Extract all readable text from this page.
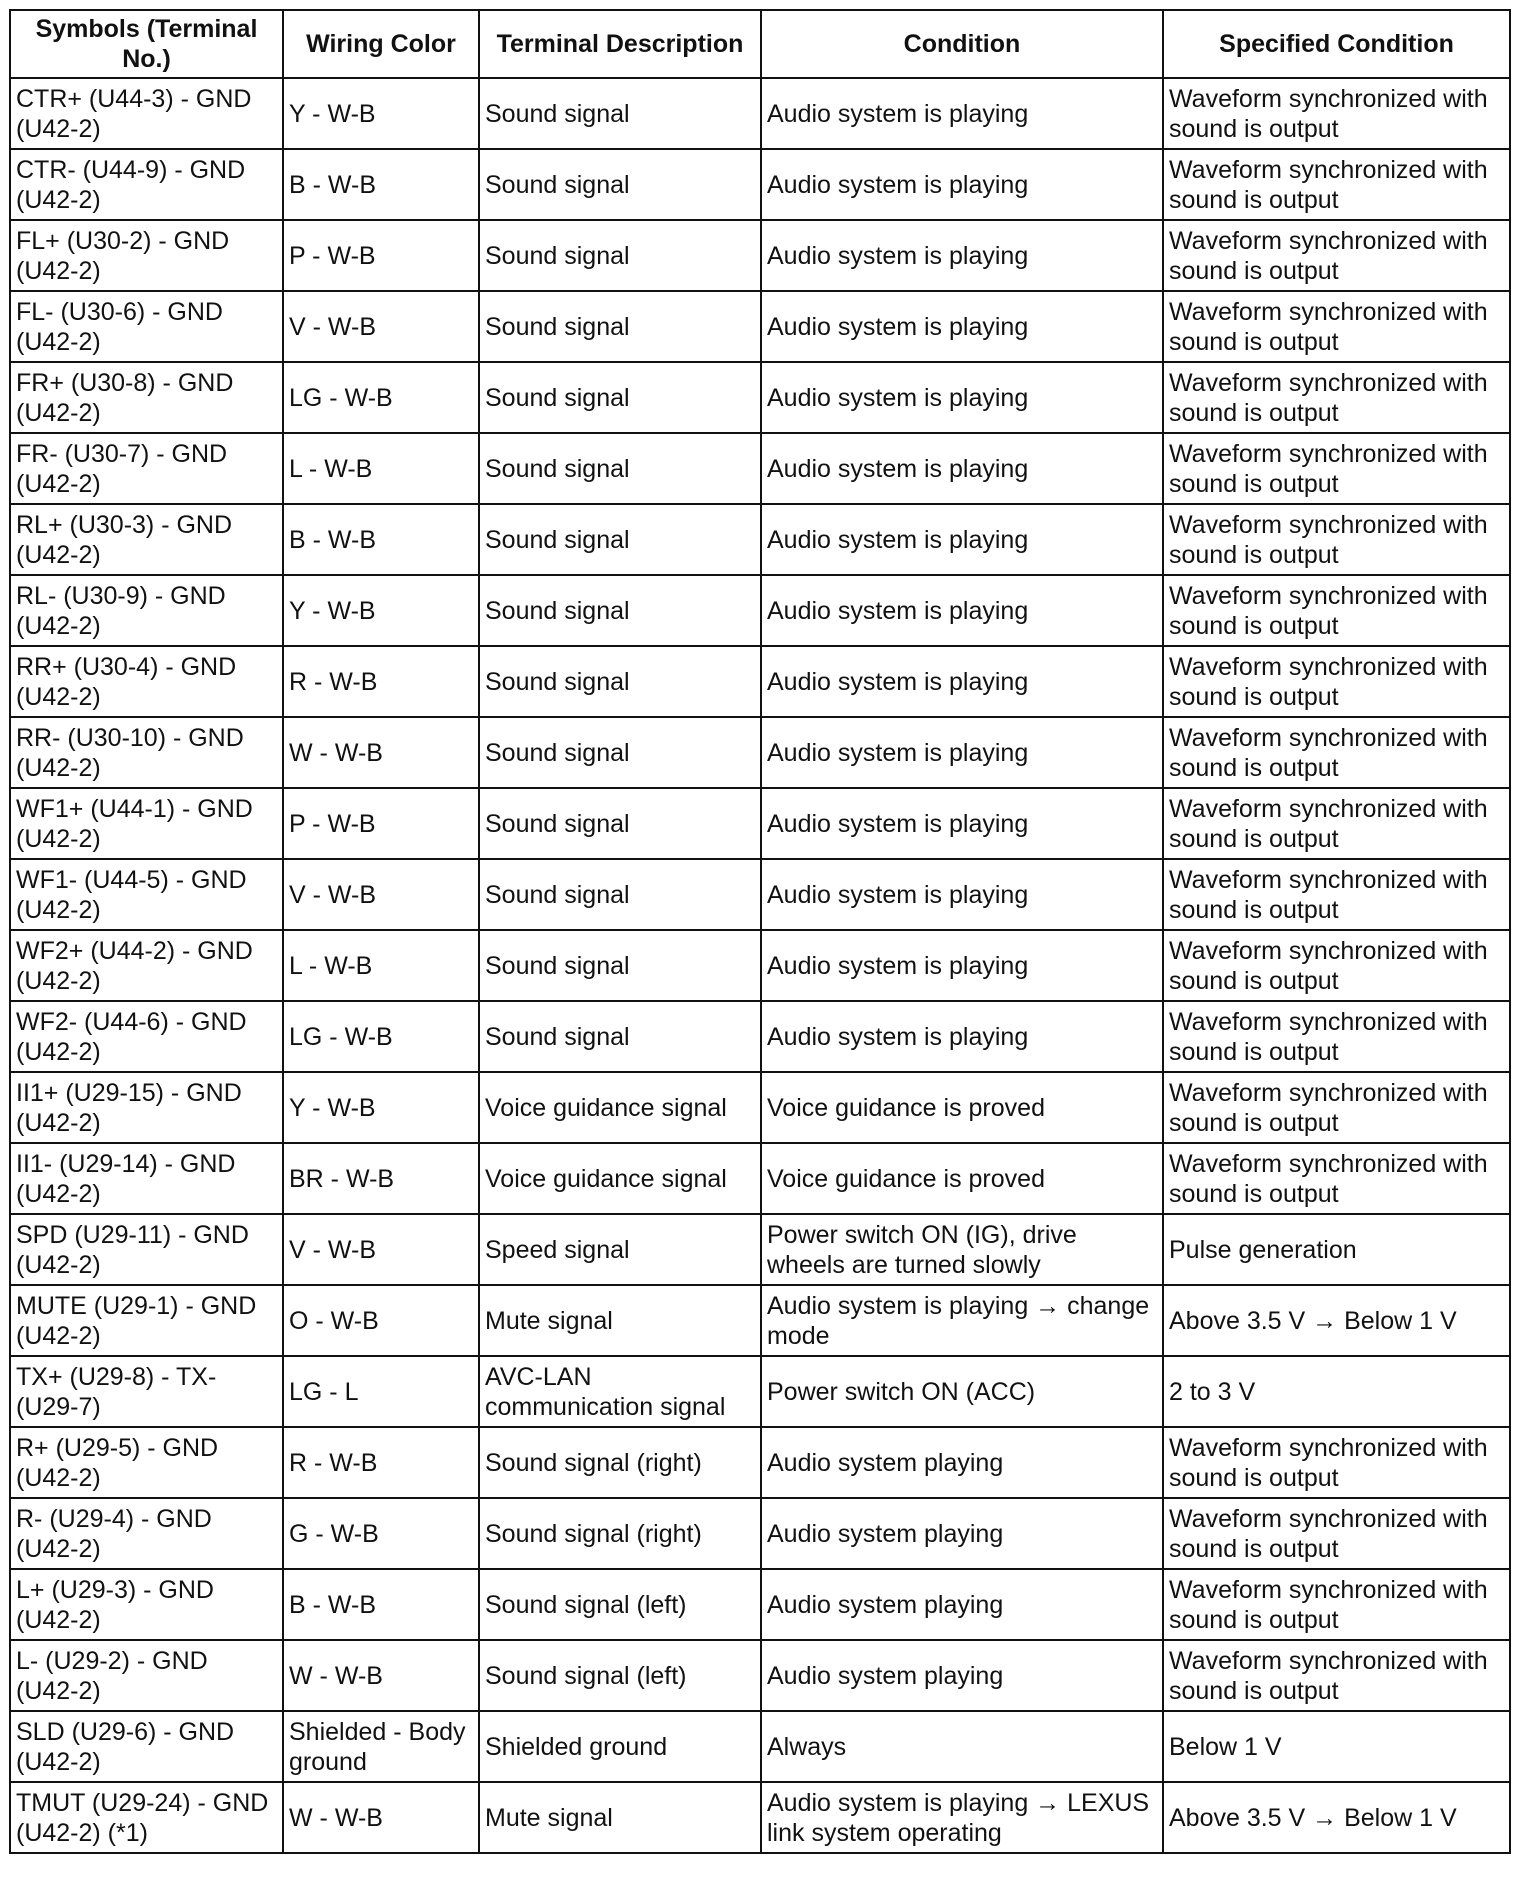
Symbols (Terminal No.)	Wiring Color	Terminal Description	Condition	Specified Condition
CTR+ (U44-3) - GND (U42-2)	Y - W-B	Sound signal	Audio system is playing	Waveform synchronized with sound is output
CTR- (U44-9) - GND (U42-2)	B - W-B	Sound signal	Audio system is playing	Waveform synchronized with sound is output
FL+ (U30-2) - GND (U42-2)	P - W-B	Sound signal	Audio system is playing	Waveform synchronized with sound is output
FL- (U30-6) - GND (U42-2)	V - W-B	Sound signal	Audio system is playing	Waveform synchronized with sound is output
FR+ (U30-8) - GND (U42-2)	LG - W-B	Sound signal	Audio system is playing	Waveform synchronized with sound is output
FR- (U30-7) - GND (U42-2)	L - W-B	Sound signal	Audio system is playing	Waveform synchronized with sound is output
RL+ (U30-3) - GND (U42-2)	B - W-B	Sound signal	Audio system is playing	Waveform synchronized with sound is output
RL- (U30-9) - GND (U42-2)	Y - W-B	Sound signal	Audio system is playing	Waveform synchronized with sound is output
RR+ (U30-4) - GND (U42-2)	R - W-B	Sound signal	Audio system is playing	Waveform synchronized with sound is output
RR- (U30-10) - GND (U42-2)	W - W-B	Sound signal	Audio system is playing	Waveform synchronized with sound is output
WF1+ (U44-1) - GND (U42-2)	P - W-B	Sound signal	Audio system is playing	Waveform synchronized with sound is output
WF1- (U44-5) - GND (U42-2)	V - W-B	Sound signal	Audio system is playing	Waveform synchronized with sound is output
WF2+ (U44-2) - GND (U42-2)	L - W-B	Sound signal	Audio system is playing	Waveform synchronized with sound is output
WF2- (U44-6) - GND (U42-2)	LG - W-B	Sound signal	Audio system is playing	Waveform synchronized with sound is output
II1+ (U29-15) - GND (U42-2)	Y - W-B	Voice guidance signal	Voice guidance is proved	Waveform synchronized with sound is output
II1- (U29-14) - GND (U42-2)	BR - W-B	Voice guidance signal	Voice guidance is proved	Waveform synchronized with sound is output
SPD (U29-11) - GND (U42-2)	V - W-B	Speed signal	Power switch ON (IG), drive wheels are turned slowly	Pulse generation
MUTE (U29-1) - GND (U42-2)	O - W-B	Mute signal	Audio system is playing → change mode	Above 3.5 V → Below 1 V
TX+ (U29-8) - TX- (U29-7)	LG - L	AVC-LAN communication signal	Power switch ON (ACC)	2 to 3 V
R+ (U29-5) - GND (U42-2)	R - W-B	Sound signal (right)	Audio system playing	Waveform synchronized with sound is output
R- (U29-4) - GND (U42-2)	G - W-B	Sound signal (right)	Audio system playing	Waveform synchronized with sound is output
L+ (U29-3) - GND (U42-2)	B - W-B	Sound signal (left)	Audio system playing	Waveform synchronized with sound is output
L- (U29-2) - GND (U42-2)	W - W-B	Sound signal (left)	Audio system playing	Waveform synchronized with sound is output
SLD (U29-6) - GND (U42-2)	Shielded - Body ground	Shielded ground	Always	Below 1 V
TMUT (U29-24) - GND (U42-2) (*1)	W - W-B	Mute signal	Audio system is playing → LEXUS link system operating	Above 3.5 V → Below 1 V
